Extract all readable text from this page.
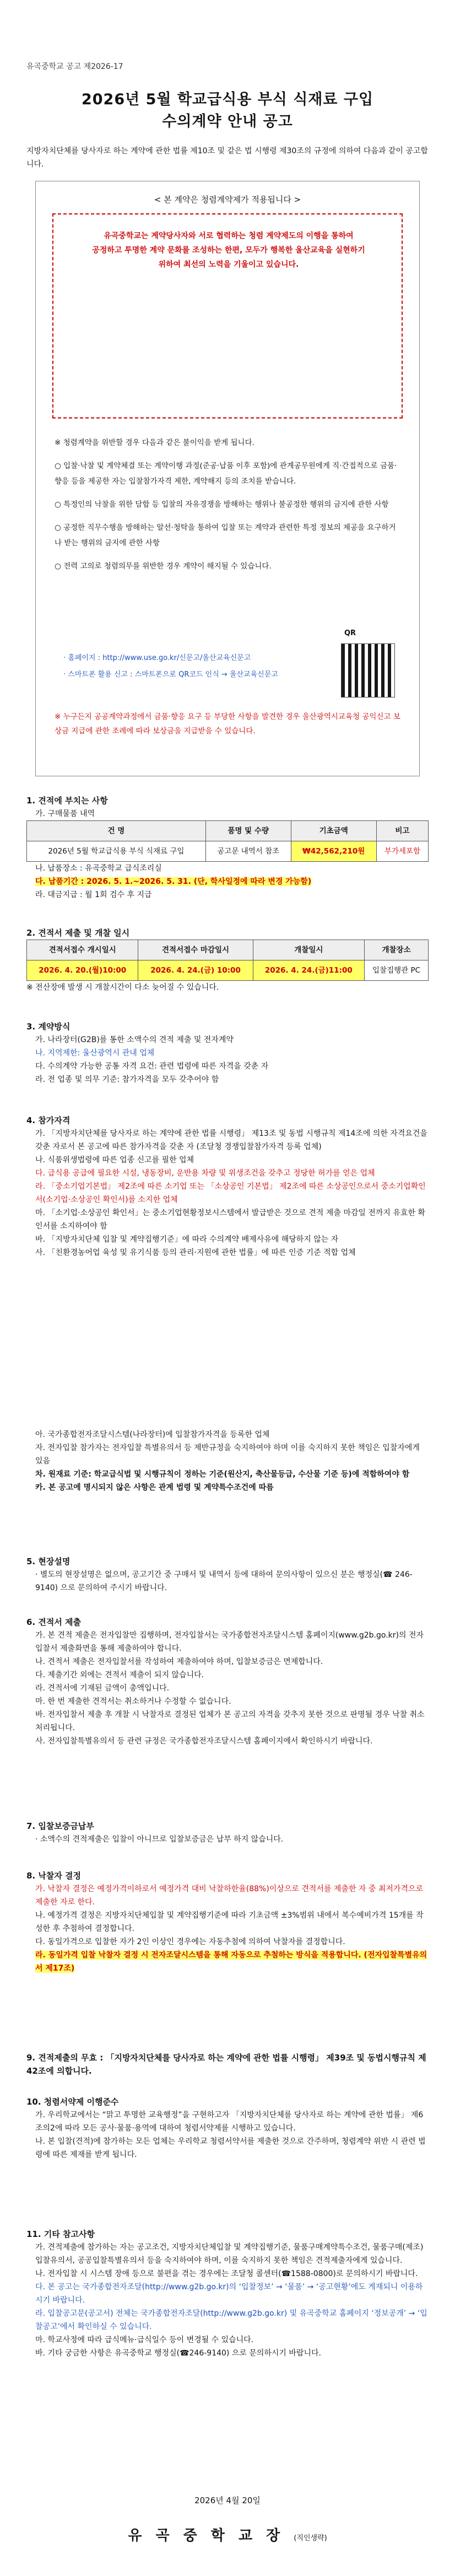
유곡중학교 공고 제2026-17
2026년 5월 학교급식용 부식 식재료 구입
수의계약 안내 공고
지방자치단체를 당사자로 하는 계약에 관한 법률 제10조 및 같은 법 시행령 제30조의 규정에 의하여 다음과 같이 공고합니다.
< 본 계약은 청렴계약제가 적용됩니다 >
유곡중학교는 계약당사자와 서로 협력하는 청렴 계약제도의 이행을 통하여
공정하고 투명한 계약 문화를 조성하는 한편, 모두가 행복한 울산교육을 실현하기
위하여 최선의 노력을 기울이고 있습니다.

※ 청렴계약을 위반할 경우 다음과 같은 불이익을 받게 됩니다.

○ 입찰·낙찰 및 계약체결 또는 계약이행 과정(준공·납품 이후 포함)에 관계공무원에게 직·간접적으로 금품·향응 등을 제공한 자는 입찰참가자격 제한, 계약해지 등의 조치를 받습니다.

○ 특정인의 낙찰을 위한 담합 등 입찰의 자유경쟁을 방해하는 행위나 불공정한 행위의 금지에 관한 사항

○ 공정한 직무수행을 방해하는 알선·청탁을 통하여 입찰 또는 계약과 관련한 특정 정보의 제공을 요구하거나 받는 행위의 금지에 관한 사항

○ 전력 고의로 청렴의무를 위반한 경우 계약이 해지될 수 있습니다.

QR
· 홈페이지 : http://www.use.go.kr/신문고/울산교육신문고
· 스마트폰 활용 신고 : 스마트폰으로 QR코드 인식 → 울산교육신문고
※ 누구든지 공공계약과정에서 금품·향응 요구 등 부당한 사항을 발견한 경우 울산광역시교육청 공익신고 보상금 지급에 관한 조례에 따라 보상금을 지급받을 수 있습니다.
1. 견적에 부치는 사항
가. 구매물품 내역
건 명	품명 및 수량	기초금액	비고
2026년 5월 학교급식용 부식 식재료 구입	공고문 내역서 참조	₩42,562,210원	부가세포함
나. 납품장소 : 유곡중학교 급식조리실
다. 납품기간 : 2026. 5. 1.~2026. 5. 31. (단, 학사일정에 따라 변경 가능함)
라. 대금지급 : 월 1회 검수 후 지급
2. 견적서 제출 및 개찰 일시
견적서접수 개시일시	견적서접수 마감일시	개찰일시	개찰장소
2026. 4. 20.(월)10:00	2026. 4. 24.(금) 10:00	2026. 4. 24.(금)11:00	입찰집행관 PC
※ 전산장애 발생 시 개찰시간이 다소 늦어질 수 있습니다.
3. 계약방식
가. 나라장터(G2B)를 통한 소액수의 견적 제출 및 전자계약
나. 지역제한: 울산광역시 관내 업체
다. 수의계약 가능한 공통 자격 요건: 관련 법령에 따른 자격을 갖춘 자
라. 전 업종 및 의무 기준: 참가자격을 모두 갖추어야 함
4. 참가자격
가. 「지방자치단체를 당사자로 하는 계약에 관한 법률 시행령」 제13조 및 동법 시행규칙 제14조에 의한 자격요건을 갖춘 자로서 본 공고에 따른 참가자격을 갖춘 자 (조달청 경쟁입찰참가자격 등록 업체)
나. 식품위생법령에 따른 업종 신고를 필한 업체
다. 급식용 공급에 필요한 시설, 냉동장비, 운반용 차량 및 위생조건을 갖추고 정당한 허가를 얻은 업체
라. 「중소기업기본법」 제2조에 따른 소기업 또는 「소상공인 기본법」 제2조에 따른 소상공인으로서 중소기업확인서(소기업·소상공인 확인서)를 소지한 업체
마. 「소기업·소상공인 확인서」는 중소기업현황정보시스템에서 발급받은 것으로 견적 제출 마감일 전까지 유효한 확인서를 소지하여야 함
바. 「지방자치단체 입찰 및 계약집행기준」에 따라 수의계약 배제사유에 해당하지 않는 자
사. 「친환경농어업 육성 및 유기식품 등의 관리·지원에 관한 법률」에 따른 인증 기준 적합 업체
아. 국가종합전자조달시스템(나라장터)에 입찰참가자격을 등록한 업체
자. 전자입찰 참가자는 전자입찰 특별유의서 등 제반규정을 숙지하여야 하며 이를 숙지하지 못한 책임은 입찰자에게 있음
차. 원재료 기준: 학교급식법 및 시행규칙이 정하는 기준(원산지, 축산물등급, 수산물 기준 등)에 적합하여야 함
카. 본 공고에 명시되지 않은 사항은 관계 법령 및 계약특수조건에 따름
5. 현장설명
· 별도의 현장설명은 없으며, 공고기간 중 구매서 및 내역서 등에 대하여 문의사항이 있으신 분은 행정실(☎ 246-9140) 으로 문의하여 주시기 바랍니다.
6. 견적서 제출
가. 본 견적 제출은 전자입찰만 집행하며, 전자입찰서는 국가종합전자조달시스템 홈페이지(www.g2b.go.kr)의 전자입찰서 제출화면을 통해 제출하여야 합니다.
나. 견적서 제출은 전자입찰서를 작성하여 제출하여야 하며, 입찰보증금은 면제합니다.
다. 제출기간 외에는 견적서 제출이 되지 않습니다.
라. 견적서에 기재된 금액이 총액입니다.
마. 한 번 제출한 견적서는 취소하거나 수정할 수 없습니다.
바. 전자입찰서 제출 후 개찰 시 낙찰자로 결정된 업체가 본 공고의 자격을 갖추지 못한 것으로 판명될 경우 낙찰 취소 처리됩니다.
사. 전자입찰특별유의서 등 관련 규정은 국가종합전자조달시스템 홈페이지에서 확인하시기 바랍니다.
7. 입찰보증금납부
· 소액수의 견적제출은 입찰이 아니므로 입찰보증금은 납부 하지 않습니다.
8. 낙찰자 결정
가. 낙찰자 결정은 예정가격이하로서 예정가격 대비 낙찰하한율(88%)이상으로 견적서를 제출한 자 중 최저가격으로 제출한 자로 한다.
나. 예정가격 결정은 지방자치단체입찰 및 계약집행기준에 따라 기초금액 ±3%범위 내에서 복수예비가격 15개를 작성한 후 추첨하여 결정합니다.
다. 동일가격으로 입찰한 자가 2인 이상인 경우에는 자동추첨에 의하여 낙찰자를 결정합니다.
라. 동일가격 입찰 낙찰자 결정 시 전자조달시스템을 통해 자동으로 추첨하는 방식을 적용합니다. (전자입찰특별유의서 제17조)
9. 견적제출의 무효 : 「지방자치단체를 당사자로 하는 계약에 관한 법률 시행령」 제39조 및 동법시행규칙 제42조에 의합니다.
10. 청렴서약제 이행준수
가. 우리학교에서는 “맑고 투명한 교육행정”을 구현하고자 「지방자치단체를 당사자로 하는 계약에 관한 법률」 제6조의2에 따라 모든 공사·물품·용역에 대하여 청렴서약제를 시행하고 있습니다.
나. 본 입찰(견적)에 참가하는 모든 업체는 우리학교 청렴서약서를 제출한 것으로 간주하며, 청렴계약 위반 시 관련 법령에 따른 제재를 받게 됩니다.
11. 기타 참고사항
가. 견적제출에 참가하는 자는 공고조건, 지방자치단체입찰 및 계약집행기준, 물품구매계약특수조건, 물품구매(제조)입찰유의서, 공공입찰특별유의서 등을 숙지하여야 하며, 이를 숙지하지 못한 책임은 견적제출자에게 있습니다.
나. 전자입찰 시 시스템 장애 등으로 불편을 겪는 경우에는 조달청 콜센터(☎1588-0800)로 문의하시기 바랍니다.
다. 본 공고는 국가종합전자조달(http://www.g2b.go.kr)의 ‘입찰정보’ → ‘물품’ → ‘공고현황’에도 게재되니 이용하시기 바랍니다.
라. 입찰공고문(공고서) 전체는 국가종합전자조달(http://www.g2b.go.kr) 및 유곡중학교 홈페이지 ‘정보공개’ → ‘입찰공고’에서 확인하실 수 있습니다.
마. 학교사정에 따라 급식메뉴·급식일수 등이 변경될 수 있습니다.
바. 기타 궁금한 사항은 유곡중학교 행정실(☎246-9140) 으로 문의하시기 바랍니다.
2026년 4월 20일
유 곡 중 학 교 장 (직인생략)
